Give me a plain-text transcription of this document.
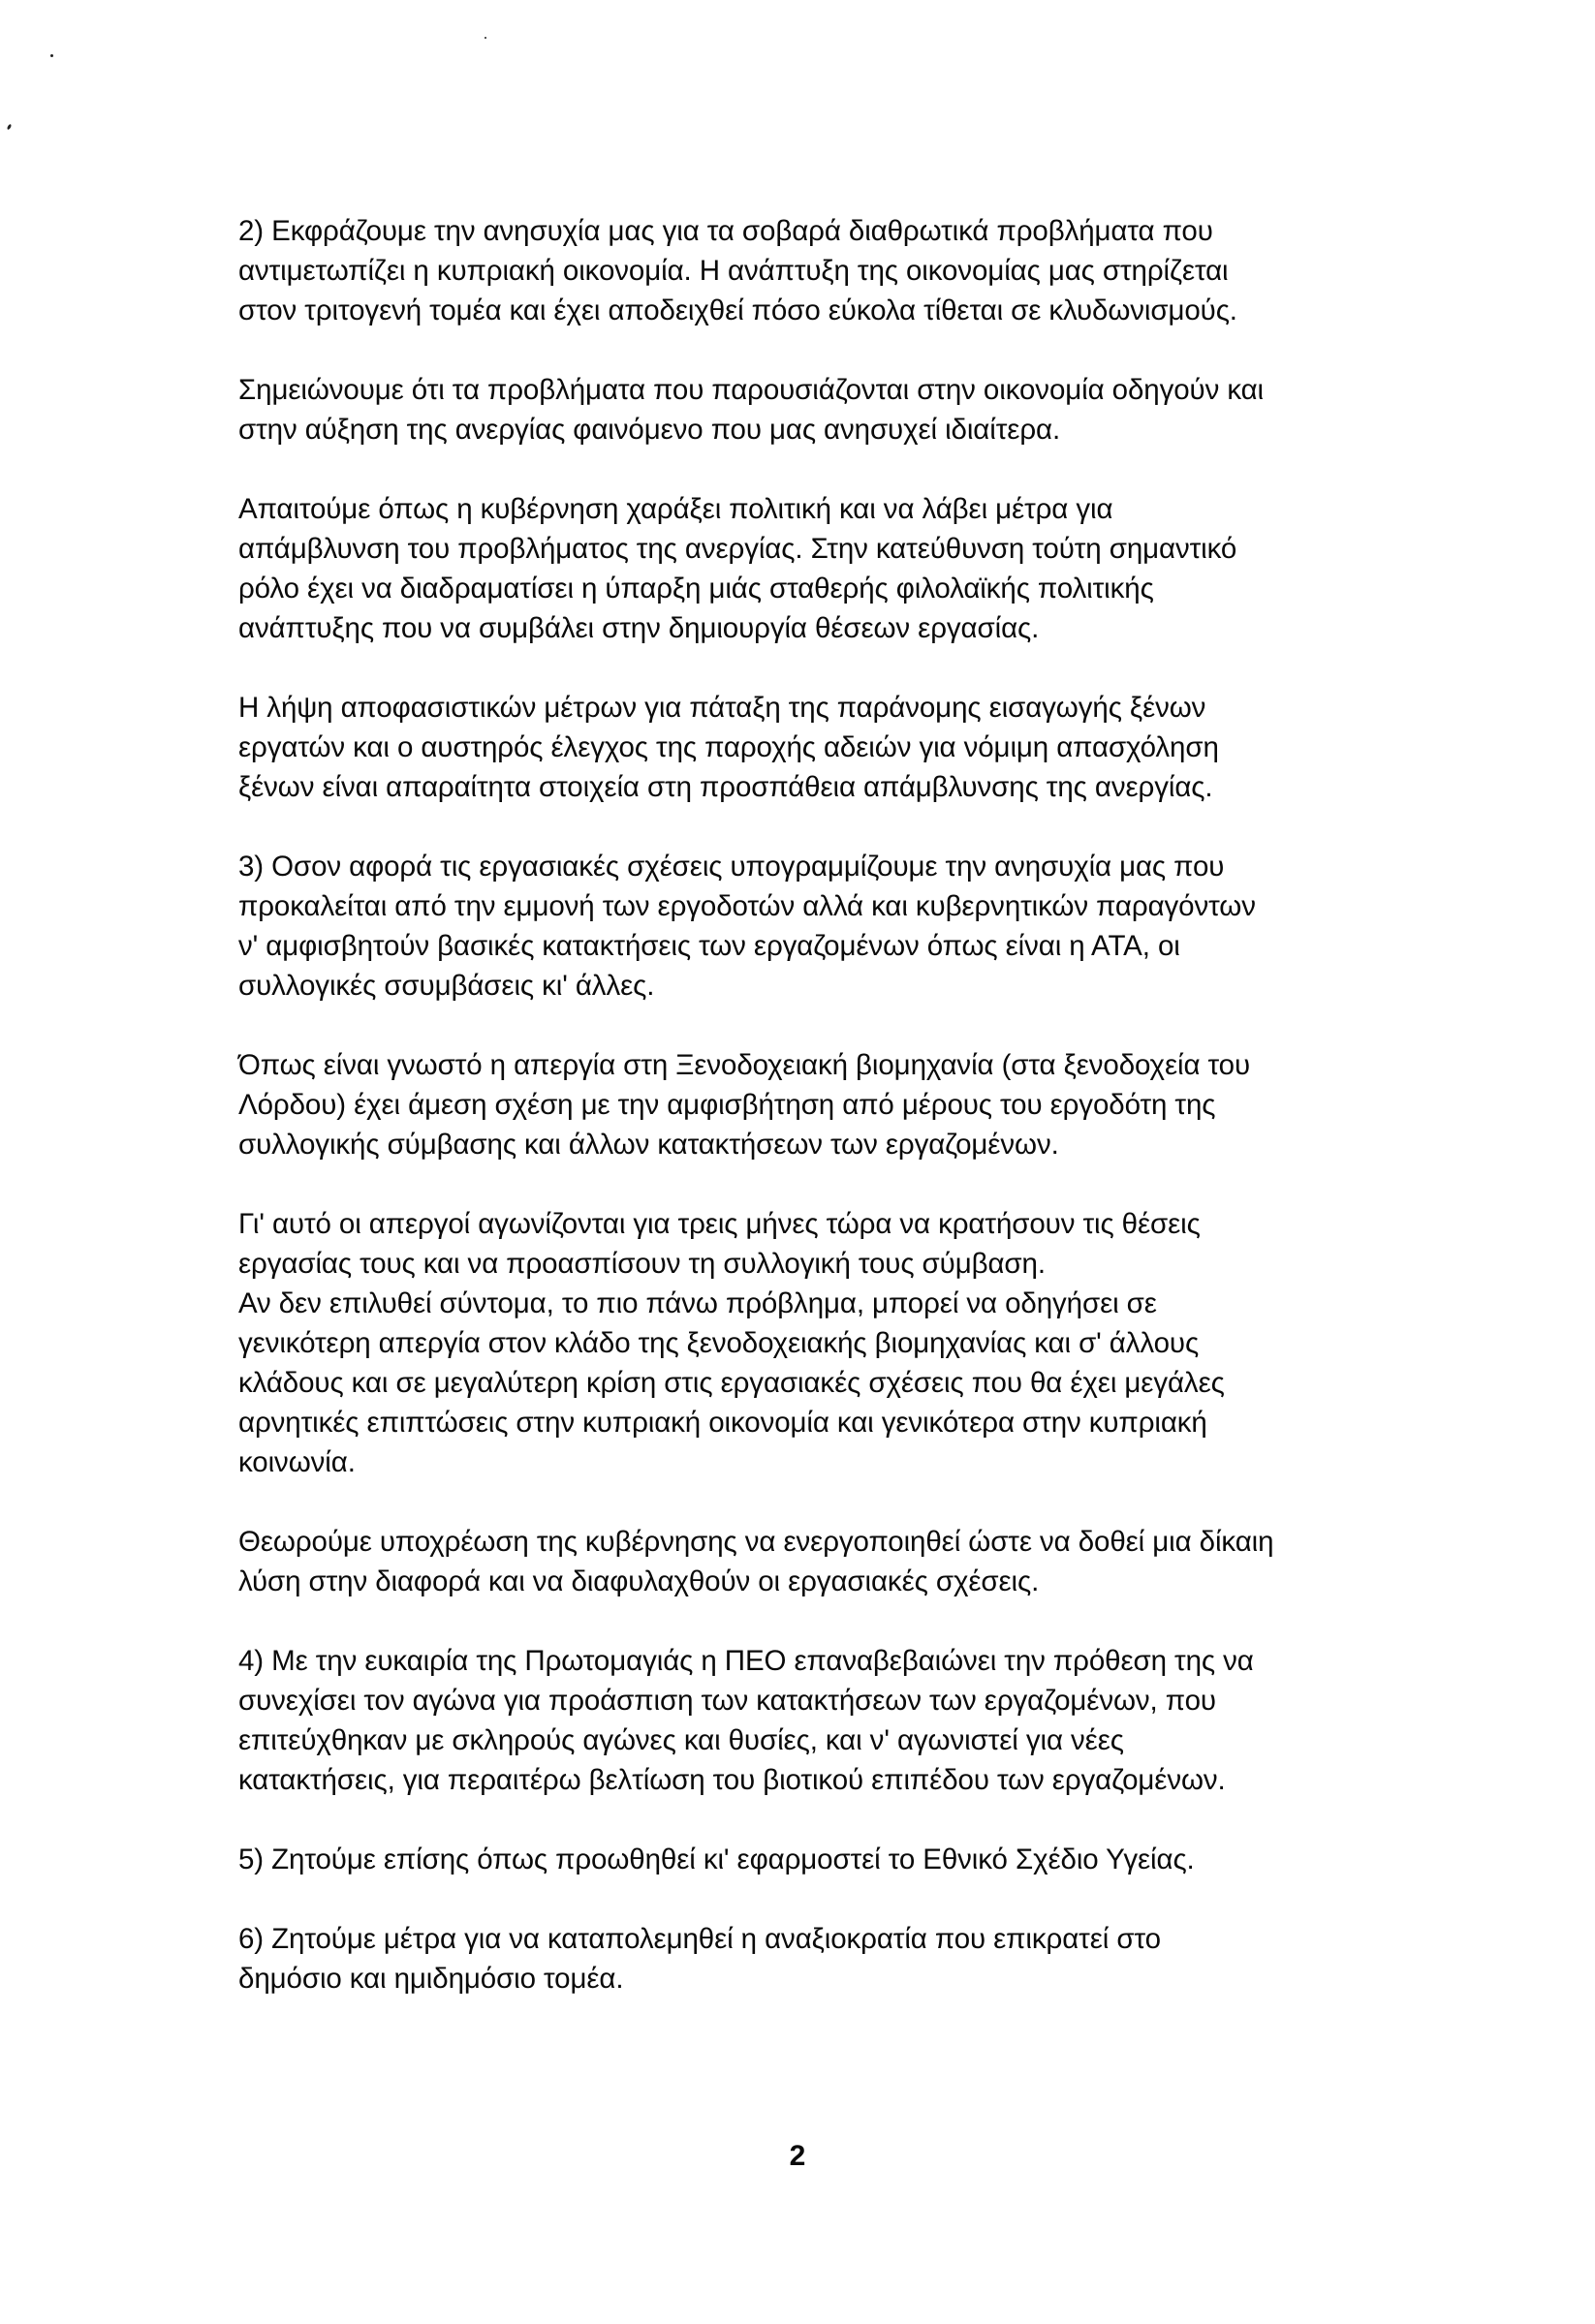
2) Εκφράζουμε την ανησυχία μας για τα σοβαρά διαθρωτικά προβλήματα που
αντιμετωπίζει η κυπριακή οικονομία. Η ανάπτυξη της οικονομίας μας στηρίζεται
στον τριτογενή τομέα και έχει αποδειχθεί πόσο εύκολα τίθεται σε κλυδωνισμούς.

Σημειώνουμε ότι τα προβλήματα που παρουσιάζονται στην οικονομία οδηγούν και
στην αύξηση της ανεργίας φαινόμενο που μας ανησυχεί ιδιαίτερα.

Απαιτούμε όπως η κυβέρνηση χαράξει πολιτική και να λάβει μέτρα για
απάμβλυνση του προβλήματος της ανεργίας. Στην κατεύθυνση τούτη σημαντικό
ρόλο έχει να διαδραματίσει η ύπαρξη μιάς σταθερής φιλολαϊκής πολιτικής
ανάπτυξης που να συμβάλει στην δημιουργία θέσεων εργασίας.

Η λήψη αποφασιστικών μέτρων για πάταξη της παράνομης εισαγωγής ξένων
εργατών και ο αυστηρός έλεγχος της παροχής αδειών για νόμιμη απασχόληση
ξένων είναι απαραίτητα στοιχεία στη προσπάθεια απάμβλυνσης της ανεργίας.

3) Οσον αφορά τις εργασιακές σχέσεις υπογραμμίζουμε την ανησυχία μας που
προκαλείται από την εμμονή των εργοδοτών αλλά και κυβερνητικών παραγόντων
ν' αμφισβητούν βασικές κατακτήσεις των εργαζομένων όπως είναι η ΑΤΑ, οι
συλλογικές σσυμβάσεις κι' άλλες.

Όπως είναι γνωστό η απεργία στη Ξενοδοχειακή βιομηχανία (στα ξενοδοχεία του
Λόρδου) έχει άμεση σχέση με την αμφισβήτηση από μέρους του εργοδότη της
συλλογικής σύμβασης και άλλων κατακτήσεων των εργαζομένων.

Γι' αυτό οι απεργοί αγωνίζονται για τρεις μήνες τώρα να κρατήσουν τις θέσεις
εργασίας τους και να προασπίσουν τη συλλογική τους σύμβαση.
Αν δεν επιλυθεί σύντομα, το πιο πάνω πρόβλημα, μπορεί να οδηγήσει σε
γενικότερη απεργία στον κλάδο της ξενοδοχειακής βιομηχανίας και σ' άλλους
κλάδους και σε μεγαλύτερη κρίση στις εργασιακές σχέσεις που θα έχει μεγάλες
αρνητικές επιπτώσεις στην κυπριακή οικονομία και γενικότερα στην κυπριακή
κοινωνία.

Θεωρούμε υποχρέωση της κυβέρνησης να ενεργοποιηθεί ώστε να δοθεί μια δίκαιη
λύση στην διαφορά και να διαφυλαχθούν οι εργασιακές σχέσεις.

4) Με την ευκαιρία της Πρωτομαγιάς η ΠΕΟ επαναβεβαιώνει την πρόθεση της να
συνεχίσει τον αγώνα για προάσπιση των κατακτήσεων των εργαζομένων, που
επιτεύχθηκαν με σκληρούς αγώνες και θυσίες, και ν' αγωνιστεί για νέες
κατακτήσεις, για περαιτέρω βελτίωση του βιοτικού επιπέδου των εργαζομένων.

5) Ζητούμε επίσης όπως προωθηθεί κι' εφαρμοστεί το Εθνικό Σχέδιο Υγείας.

6) Ζητούμε μέτρα για να καταπολεμηθεί η αναξιοκρατία που επικρατεί στο
δημόσιο και ημιδημόσιο τομέα.

2
